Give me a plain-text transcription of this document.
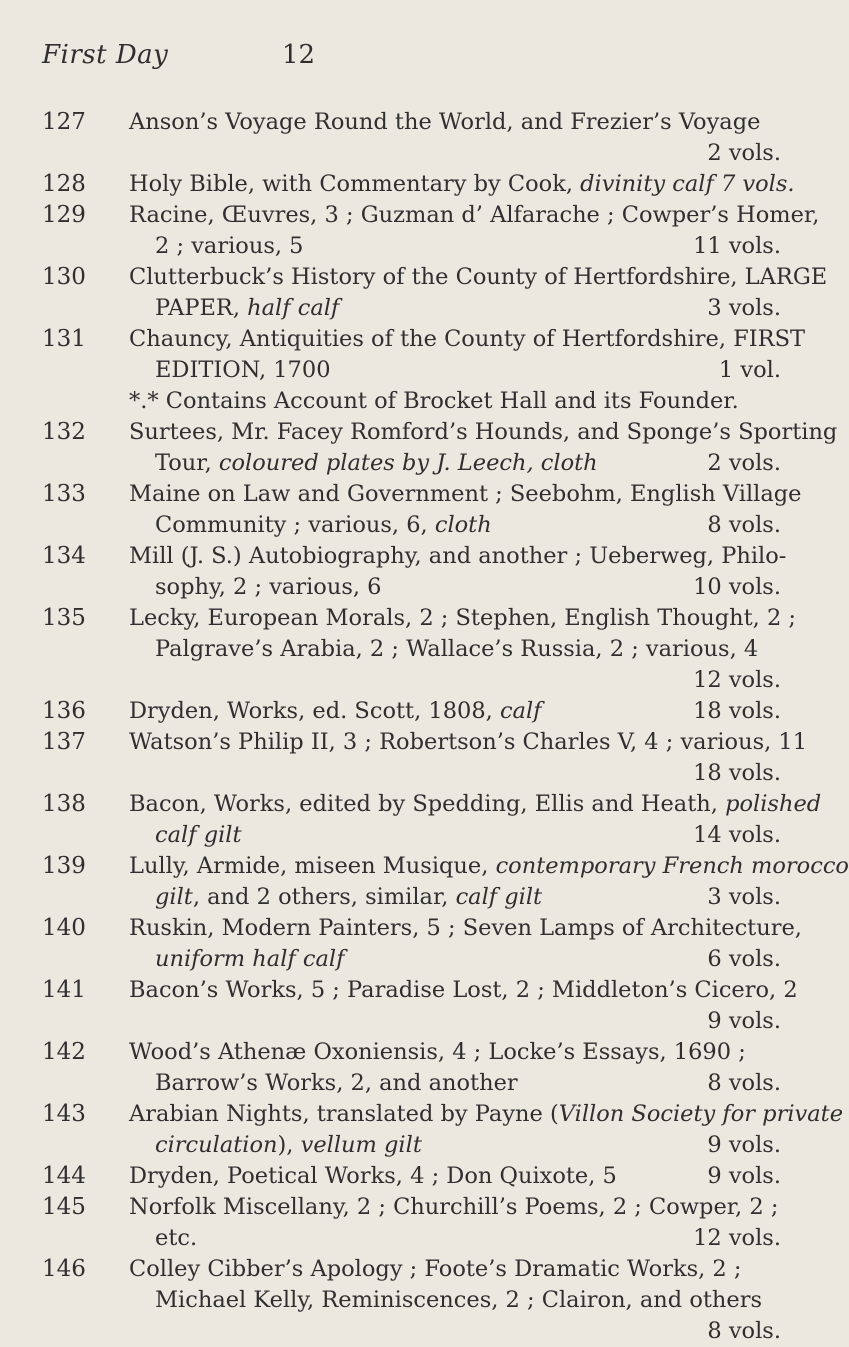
First Day	12
127 Anson’s Voyage Round the World, and Frezier’s Voyage
2 vols.
128 Holy Bible, with Commentary by Cook, divinity calf 7 vols.
129 Racine, Œuvres, 3 ; Guzman d’ Alfarache ; Cowper’s Homer,
2 ; various, 5	11 vols.
130 Clutterbuck’s History of the County of Hertfordshire, LARGE
PAPER, half calf	3 vols.
131 Chauncy, Antiquities of the County of Hertfordshire, FIRST
EDITION, 1700	1 vol.
*.* Contains Account of Brocket Hall and its Founder.
132 Surtees, Mr. Facey Romford’s Hounds, and Sponge’s Sporting
Tour, coloured plates by J. Leech, cloth	2 vols.
133 Maine on Law and Government ; Seebohm, English Village
Community ; various, 6, cloth	8 vols.
134 Mill (J. S.) Autobiography, and another ; Ueberweg, Philo-
sophy, 2 ; various, 6	10 vols.
135 Lecky, European Morals, 2 ; Stephen, English Thought, 2 ;
Palgrave’s Arabia, 2 ; Wallace’s Russia, 2 ; various, 4
12 vols.
136 Dryden, Works, ed. Scott, 1808, calf	18 vols.
137 Watson’s Philip II, 3 ; Robertson’s Charles V, 4 ; various, 11
18 vols.
138 Bacon, Works, edited by Spedding, Ellis and Heath, polished
calf gilt	14 vols.
139 Lully, Armide, miseen Musique, contemporary French morocco
gilt, and 2 others, similar, calf gilt	3 vols.
140 Ruskin, Modern Painters, 5 ; Seven Lamps of Architecture,
uniform half calf	6 vols.
141 Bacon’s Works, 5 ; Paradise Lost, 2 ; Middleton’s Cicero, 2
9 vols.
142 Wood’s Athenæ Oxoniensis, 4 ; Locke’s Essays, 1690 ;
Barrow’s Works, 2, and another	8 vols.
143 Arabian Nights, translated by Payne (Villon Society for private
circulation), vellum gilt	9 vols.
144 Dryden, Poetical Works, 4 ; Don Quixote, 5	9 vols.
145 Norfolk Miscellany, 2 ; Churchill’s Poems, 2 ; Cowper, 2 ;
etc.	12 vols.
146 Colley Cibber’s Apology ; Foote’s Dramatic Works, 2 ;
Michael Kelly, Reminiscences, 2 ; Clairon, and others
8 vols.
